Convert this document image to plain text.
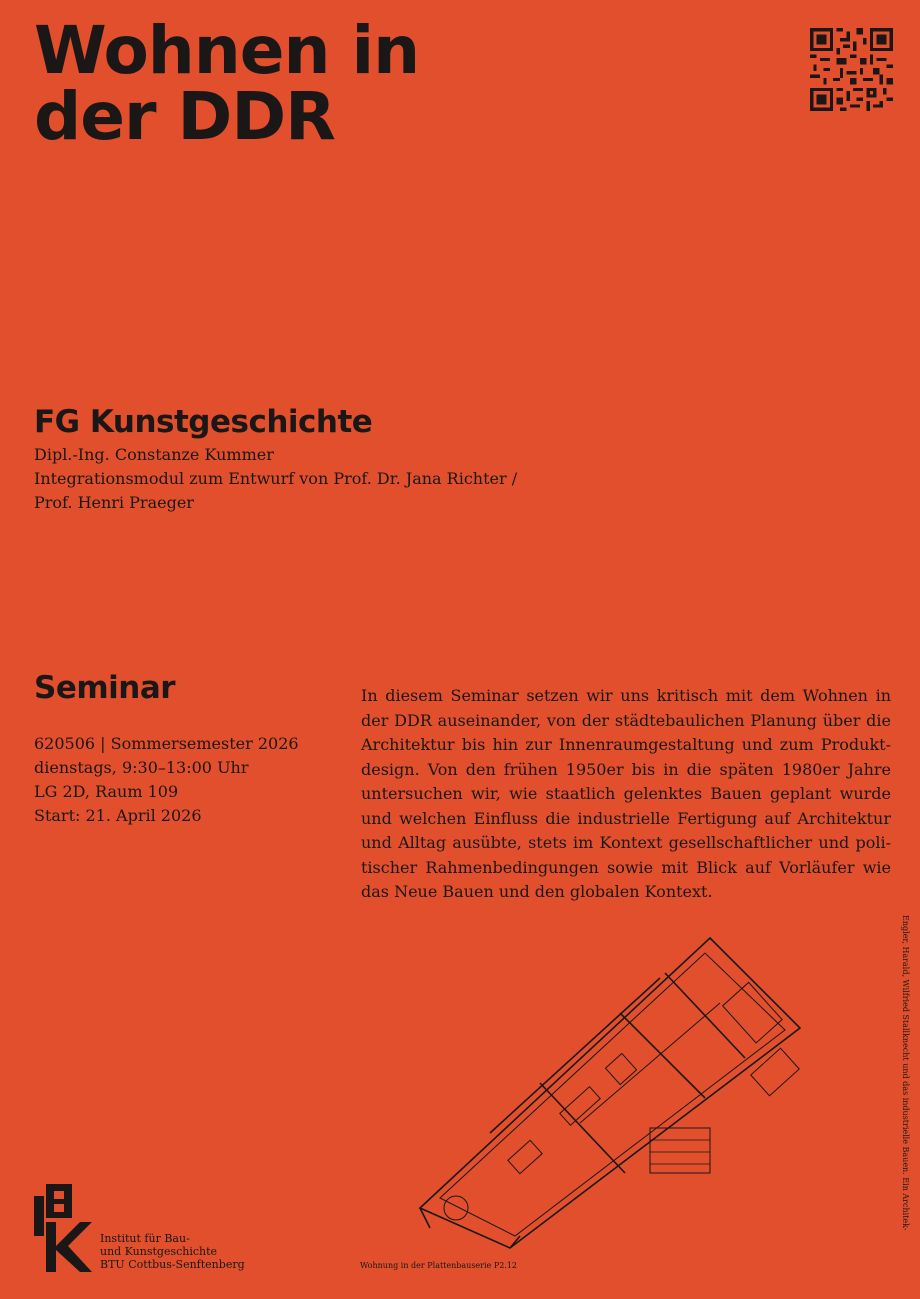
Wohnen in
der DDR
FG Kunstgeschichte
Dipl.-Ing. Constanze Kummer
Integrationsmodul zum Entwurf von Prof. Dr. Jana Richter /
Prof. Henri Praeger
Seminar
620506 | Sommersemester 2026
dienstags, 9:30–13:00 Uhr
LG 2D, Raum 109
Start: 21. April 2026

In diesem Seminar setzen wir uns kritisch mit dem Wohnen in der DDR auseinander, von der städtebaulichen Planung über die Architektur bis hin zur Innenraumgestaltung und zum Produktdesign. Von den frühen 1950er bis in die späten 1980er Jahre untersuchen wir, wie staatlich gelenktes Bauen geplant wurde und welchen Einfluss die industrielle Fertigung auf Architektur und Alltag ausübte, stets im Kontext gesellschaftlicher und politischer Rahmenbedingungen sowie mit Blick auf Vorläufer wie das Neue Bauen und den globalen Kontext.

Wohnung in der Plattenbauserie P2.12
Engler, Harald, Wilfried Stallknecht und das industrielle Bauen. Ein Architek-
Institut für Bau-
und Kunstgeschichte
BTU Cottbus-Senftenberg
